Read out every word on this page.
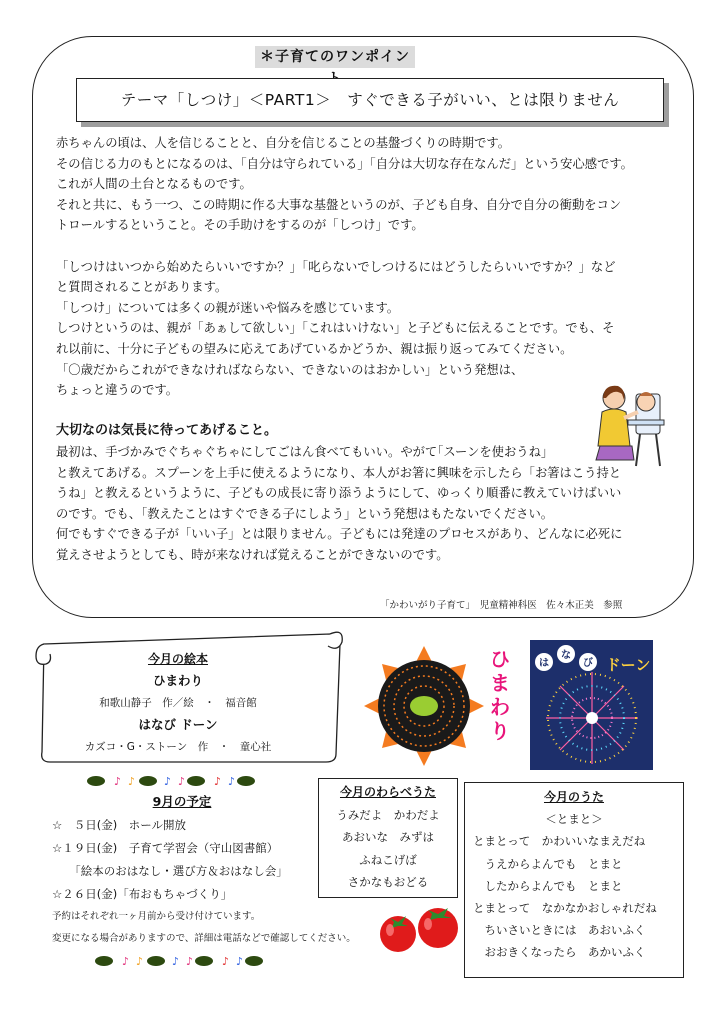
＊子育てのワンポイン
テーマ「しつけ」＜PART1＞　すぐできる子がいい、とは限りません

赤ちゃんの頃は、人を信じることと、自分を信じることの基盤づくりの時期です。

その信じる力のもとになるのは、｢自分は守られている｣「自分は大切な存在なんだ」という安心感です。

これが人間の土台となるものです。

それと共に、もう一つ、この時期に作る大事な基盤というのが、子ども自身、自分で自分の衝動をコン

トロールするということ。その手助けをするのが「しつけ」です。

「しつけはいつから始めたらいいですか？」「叱らないでしつけるにはどうしたらいいですか？」など

と質問されることがあります。

「しつけ」については多くの親が迷いや悩みを感じています。

しつけというのは、親が「あぁして欲しい」「これはいけない」と子どもに伝えることです。でも、そ

れ以前に、十分に子どもの望みに応えてあげているかどうか、親は振り返ってみてください。

「〇歳だからこれができなければならない、できないのはおかしい」という発想は、

ちょっと違うのです。

大切なのは気長に待ってあげること。

最初は、手づかみでぐちゃぐちゃにしてごはん食べてもいい。やがて｢スーンを使おうね」

と教えてあげる。スプーンを上手に使えるようになり、本人がお箸に興味を示したら「お箸はこう持と

うね」と教えるというように、子どもの成長に寄り添うようにして、ゆっくり順番に教えていけばいい

のです。でも、｢教えたことはすぐできる子にしよう」という発想はもたないでください。

何でもすぐできる子が「いい子」とは限りません。子どもには発達のプロセスがあり、どんなに必死に

覚えさせようとしても、時が来なければ覚えることができないのです。

「かわいがり子育て」　児童精神科医　佐々木正美　参照
今月の絵本
ひまわり
和歌山静子　作／絵　・　福音館
はなび ドーン
カズコ・G・ストーン　作　・　童心社
ひ
ま
わ
り
は
な
び ドーン
♪ ♪	♪ ♪	♪ ♪
9月の予定
☆　５日(金)　ホール開放
☆１９日(金)　子育て学習会（守山図書館）
　　「絵本のおはなし・選び方＆おはなし会」
☆２６日(金)「布おもちゃづくり」
予約はそれぞれ一ヶ月前から受け付けています。
変更になる場合がありますので、詳細は電話などで確認してください。
♪ ♪	♪ ♪	♪ ♪
今月のわらべうた
うみだよ　かわだよ
あおいな　みずは
ふねこげば
さかなもおどる
今月のうた
＜とまと＞
とまとって　かわいいなまえだね
　うえからよんでも　とまと
　したからよんでも　とまと
とまとって　なかなかおしゃれだね
　ちいさいときには　あおいふく
　おおきくなったら　あかいふく
